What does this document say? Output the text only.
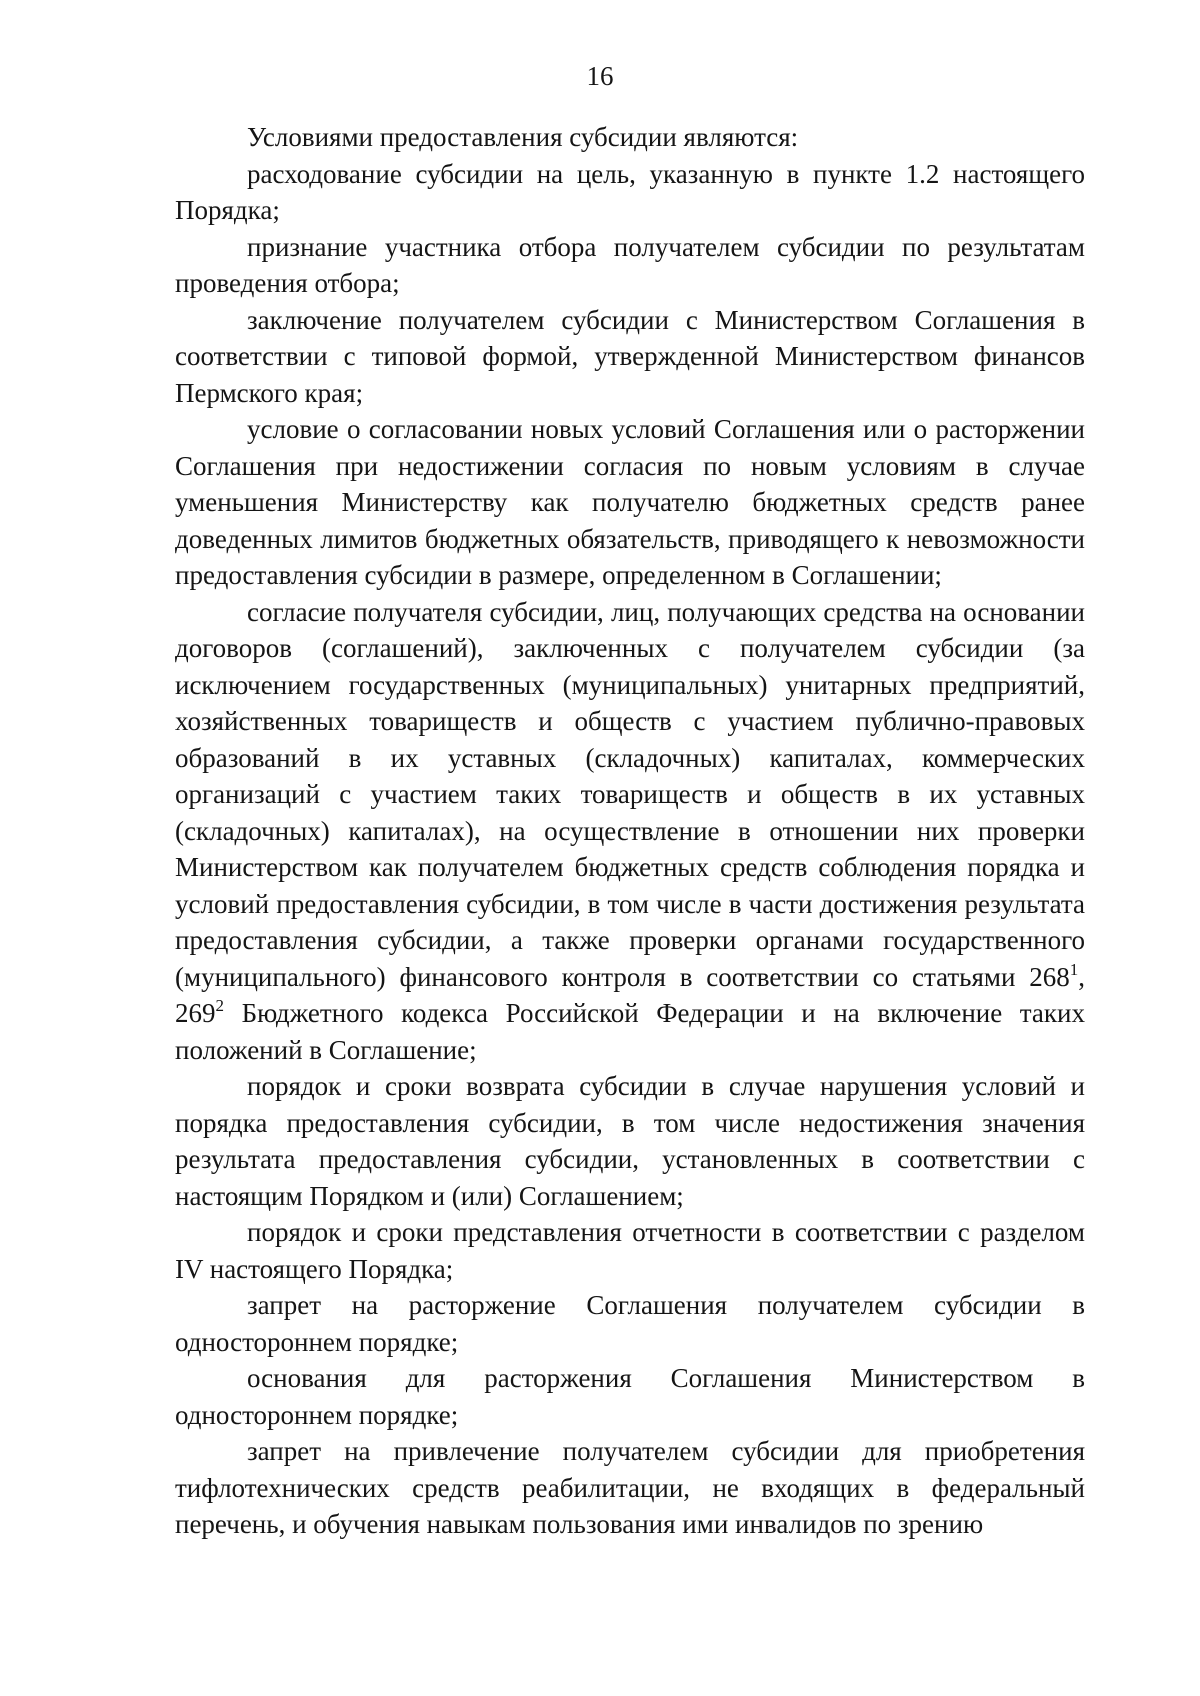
16

Условиями предоставления субсидии являются:

расходование субсидии на цель, указанную в пункте 1.2 настоящего Порядка;

признание участника отбора получателем субсидии по результатам проведения отбора;

заключение получателем субсидии с Министерством Соглашения в соответствии с типовой формой, утвержденной Министерством финансов Пермского края;

условие о согласовании новых условий Соглашения или о расторжении Соглашения при недостижении согласия по новым условиям в случае уменьшения Министерству как получателю бюджетных средств ранее доведенных лимитов бюджетных обязательств, приводящего к невозможности предоставления субсидии в размере, определенном в Соглашении;

согласие получателя субсидии, лиц, получающих средства на основании договоров (соглашений), заключенных с получателем субсидии (за исключением государственных (муниципальных) унитарных предприятий, хозяйственных товариществ и обществ с участием публично-правовых образований в их уставных (складочных) капиталах, коммерческих организаций с участием таких товариществ и обществ в их уставных (складочных) капиталах), на осуществление в отношении них проверки Министерством как получателем бюджетных средств соблюдения порядка и условий предоставления субсидии, в том числе в части достижения результата предоставления субсидии, а также проверки органами государственного (муниципального) финансового контроля в соответствии со статьями $268^1$, $269^2$ Бюджетного кодекса Российской Федерации и на включение таких положений в Соглашение;

порядок и сроки возврата субсидии в случае нарушения условий и порядка предоставления субсидии, в том числе недостижения значения результата предоставления субсидии, установленных в соответствии с настоящим Порядком и (или) Соглашением;

порядок и сроки представления отчетности в соответствии с разделом IV настоящего Порядка;

запрет на расторжение Соглашения получателем субсидии в одностороннем порядке;

основания для расторжения Соглашения Министерством в одностороннем порядке;

запрет на привлечение получателем субсидии для приобретения тифлотехнических средств реабилитации, не входящих в федеральный перечень, и обучения навыкам пользования ими инвалидов по зрению
